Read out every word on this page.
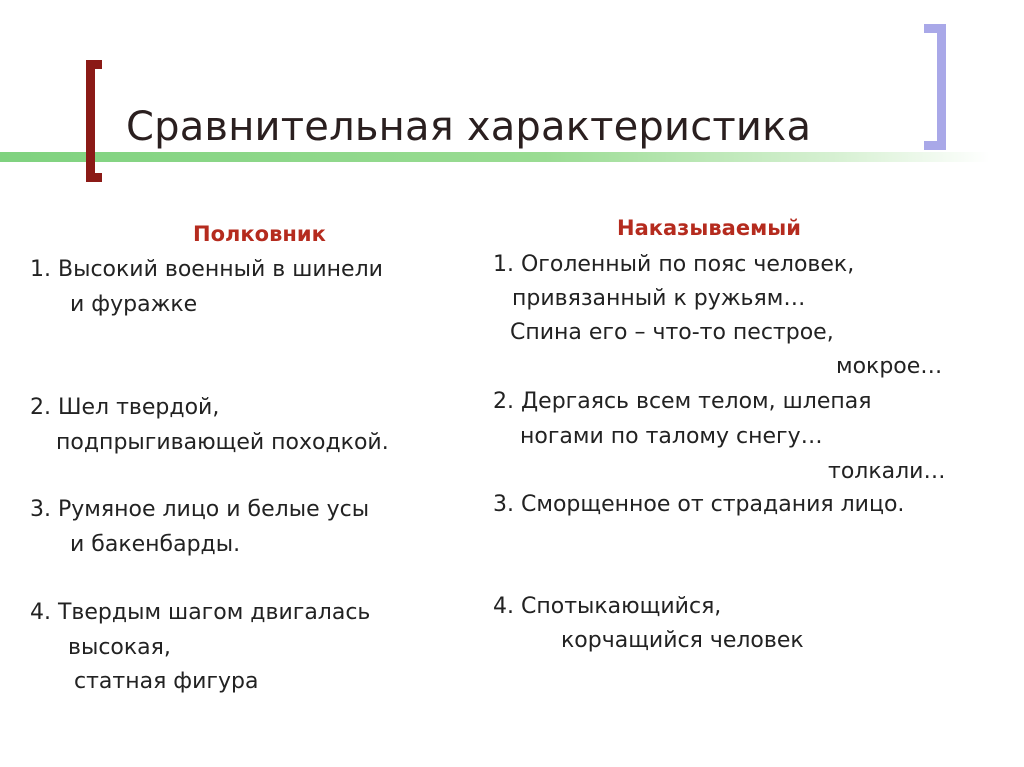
Сравнительная характеристика
Полковник
1. Высокий военный в шинели
и фуражке
2. Шел твердой,
подпрыгивающей походкой.
3. Румяное лицо и белые усы
и бакенбарды.
4. Твердым шагом двигалась
высокая,
статная фигура
Наказываемый
1. Оголенный по пояс человек,
привязанный к ружьям…
Спина его – что-то пестрое,
мокрое…
2. Дергаясь всем телом, шлепая
ногами по талому снегу…
толкали…
3. Сморщенное от страдания лицо.
4. Спотыкающийся,
корчащийся человек
